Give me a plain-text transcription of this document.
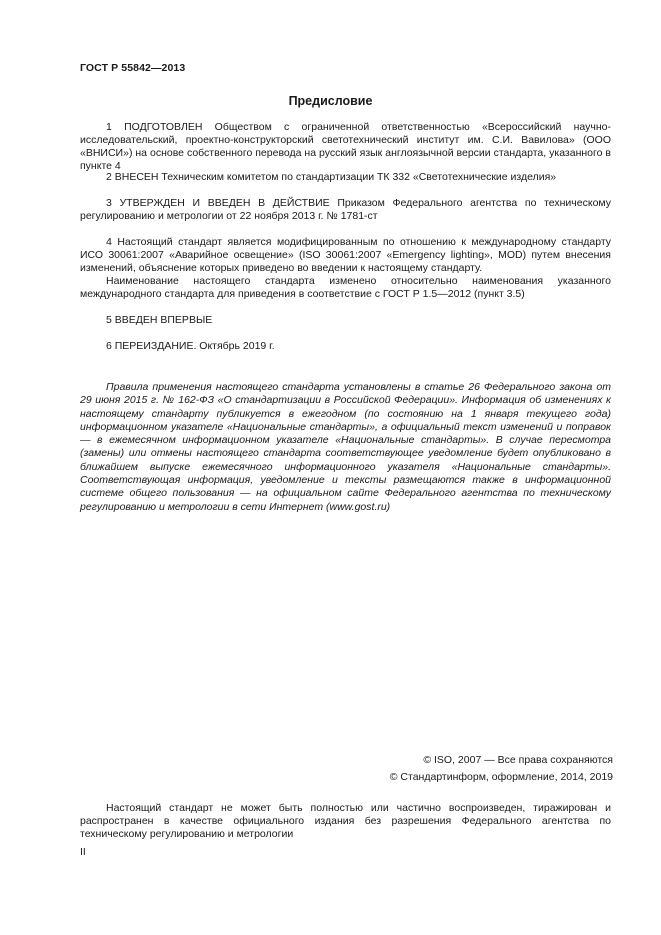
ГОСТ Р 55842—2013
Предисловие

1 ПОДГОТОВЛЕН Обществом с ограниченной ответственностью «Всероссийский научно-исследовательский, проектно-конструкторский светотехнический институт им. С.И. Вавилова» (ООО «ВНИСИ») на основе собственного перевода на русский язык англоязычной версии стандарта, указанного в пункте 4

2 ВНЕСЕН Техническим комитетом по стандартизации ТК 332 «Светотехнические изделия»

3 УТВЕРЖДЕН И ВВЕДЕН В ДЕЙСТВИЕ Приказом Федерального агентства по техническому регулированию и метрологии от 22 ноября 2013 г. № 1781-ст

4 Настоящий стандарт является модифицированным по отношению к международному стандарту ИСО 30061:2007 «Аварийное освещение» (ISO 30061:2007 «Emergency lighting», MOD) путем внесения изменений, объяснение которых приведено во введении к настоящему стандарту.

Наименование настоящего стандарта изменено относительно наименования указанного международного стандарта для приведения в соответствие с ГОСТ Р 1.5—2012 (пункт 3.5)

5 ВВЕДЕН ВПЕРВЫЕ

6 ПЕРЕИЗДАНИЕ. Октябрь 2019 г.

Правила применения настоящего стандарта установлены в статье 26 Федерального закона от 29 июня 2015 г. № 162-ФЗ «О стандартизации в Российской Федерации». Информация об изменениях к настоящему стандарту публикуется в ежегодном (по состоянию на 1 января текущего года) информационном указателе «Национальные стандарты», а официальный текст изменений и поправок — в ежемесячном информационном указателе «Национальные стандарты». В случае пересмотра (замены) или отмены настоящего стандарта соответствующее уведомление будет опубликовано в ближайшем выпуске ежемесячного информационного указателя «Национальные стандарты». Соответствующая информация, уведомление и тексты размещаются также в информационной системе общего пользования — на официальном сайте Федерального агентства по техническому регулированию и метрологии в сети Интернет (www.gost.ru)

© ISO, 2007 — Все права сохраняются
© Стандартинформ, оформление, 2014, 2019

Настоящий стандарт не может быть полностью или частично воспроизведен, тиражирован и распространен в качестве официального издания без разрешения Федерального агентства по техническому регулированию и метрологии

II
